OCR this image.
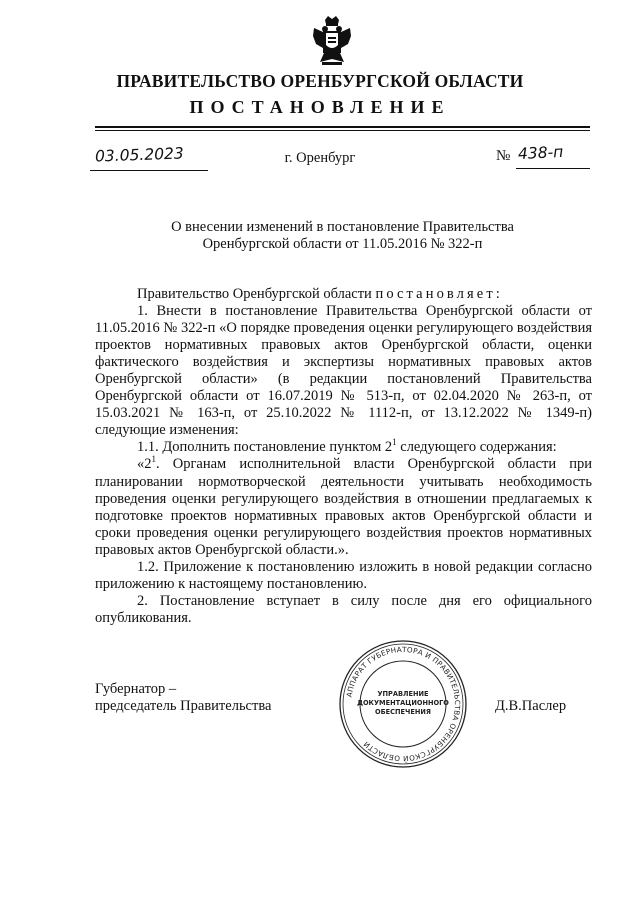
ПРАВИТЕЛЬСТВО ОРЕНБУРГСКОЙ ОБЛАСТИ
ПОСТАНОВЛЕНИЕ
03.05.2023	г. Оренбург	№ 438-п
О внесении изменений в постановление Правительства
Оренбургской области от 11.05.2016 № 322-п

Правительство Оренбургской области постановляет:

1. Внести в постановление Правительства Оренбургской области от 11.05.2016 № 322-п «О порядке проведения оценки регулирующего воздействия проектов нормативных правовых актов Оренбургской области, оценки фактического воздействия и экспертизы нормативных правовых актов Оренбургской области» (в редакции постановлений Правительства Оренбургской области от 16.07.2019 № 513-п, от 02.04.2020 № 263-п, от 15.03.2021 № 163-п, от 25.10.2022 № 1112-п, от 13.12.2022 № 1349-п) следующие изменения:

1.1. Дополнить постановление пунктом $2^1$ следующего содержания:

«$2^1$. Органам исполнительной власти Оренбургской области при планировании нормотворческой деятельности учитывать необходимость проведения оценки регулирующего воздействия в отношении предлагаемых к подготовке проектов нормативных правовых актов Оренбургской области и сроки проведения оценки регулирующего воздействия проектов нормативных правовых актов Оренбургской области.».

1.2. Приложение к постановлению изложить в новой редакции согласно приложению к настоящему постановлению.

2. Постановление вступает в силу после дня его официального опубликования.

Губернатор –
председатель Правительства	Д.В.Паслер
АППАРАТ ГУБЕРНАТОРА И ПРАВИТЕЛЬСТВА ОРЕНБУРГСКОЙ ОБЛАСТИ
УПРАВЛЕНИЕ
ДОКУМЕНТАЦИОННОГО
ОБЕСПЕЧЕНИЯ
